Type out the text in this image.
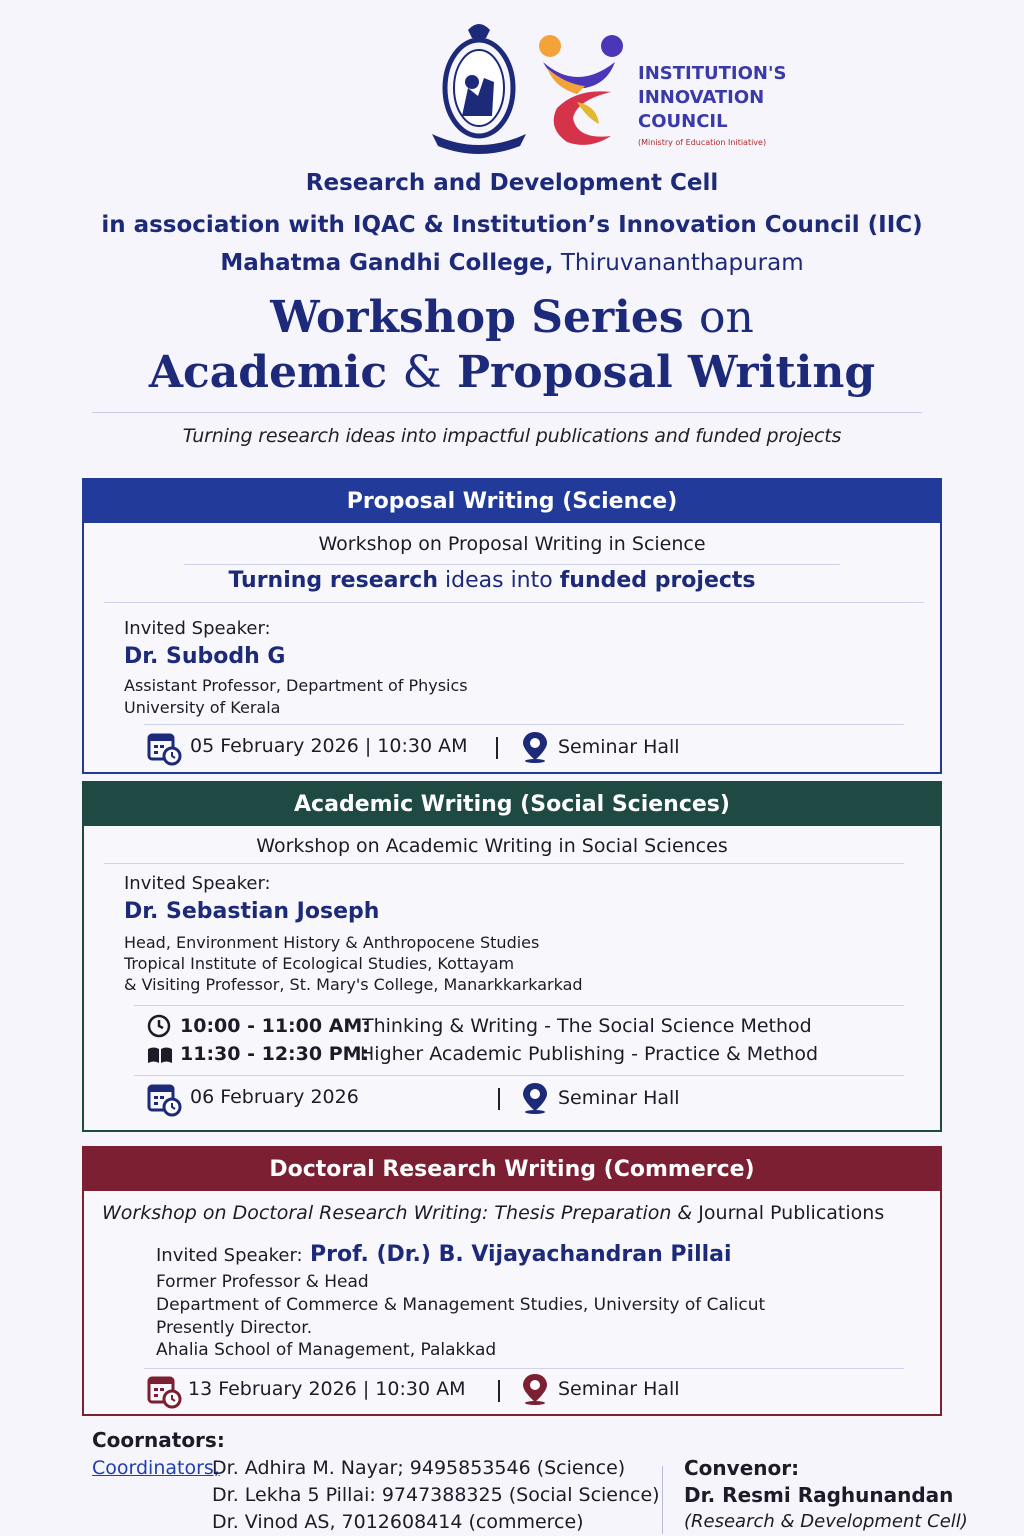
INSTITUTION'S
INNOVATION
COUNCIL
(Ministry of Education Initiative)
Research and Development Cell
in association with IQAC & Institution’s Innovation Council (IIC)
Mahatma Gandhi College, Thiruvananthapuram
Workshop Series on
Academic & Proposal Writing
Turning research ideas into impactful publications and funded projects
Proposal Writing (Science)
Workshop on Proposal Writing in Science
Turning research ideas into funded projects
Invited Speaker:
Dr. Subodh G
Assistant Professor, Department of Physics
University of Kerala
05 February 2026 | 10:30 AM	Seminar Hall
Academic Writing (Social Sciences)
Workshop on Academic Writing in Social Sciences
Invited Speaker:
Dr. Sebastian Joseph
Head, Environment History & Anthropocene Studies
Tropical Institute of Ecological Studies, Kottayam
& Visiting Professor, St. Mary's College, Manarkkarkarkad
10:00 - 11:00 AM:
Thinking & Writing - The Social Science Method
11:30 - 12:30 PM:
Higher Academic Publishing - Practice & Method
06 February 2026	Seminar Hall
Doctoral Research Writing (Commerce)
Workshop on Doctoral Research Writing: Thesis Preparation & Journal Publications
Invited Speaker: Prof. (Dr.) B. Vijayachandran Pillai
Former Professor & Head
Department of Commerce & Management Studies, University of Calicut
Presently Director.
Ahalia School of Management, Palakkad
13 February 2026 | 10:30 AM	Seminar Hall
Coornators:
Coordinators,
Dr. Adhira M. Nayar; 9495853546 (Science)
Dr. Lekha 5 Pillai: 9747388325 (Social Science)
Dr. Vinod AS, 7012608414 (commerce)
Convenor:
Dr. Resmi Raghunandan
(Research & Development Cell)
